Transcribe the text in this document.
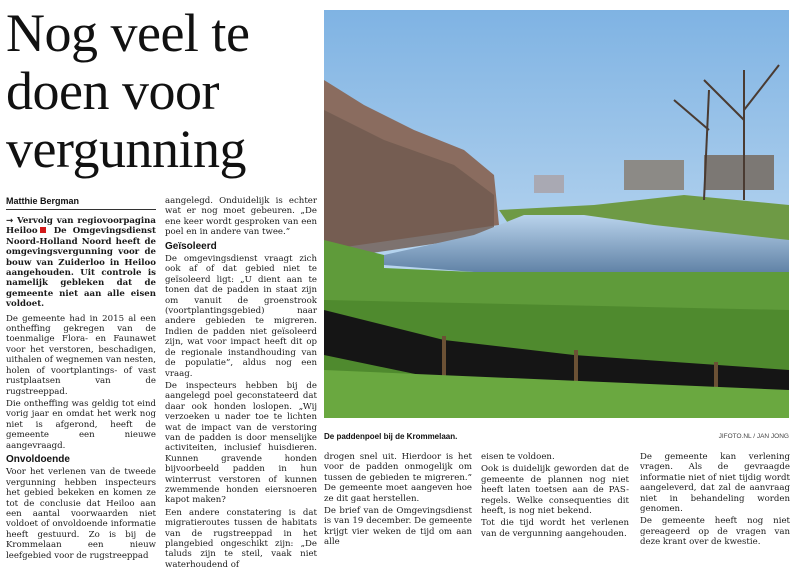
Nog veel te
doen voor
vergunning
Matthie Bergman

→ Vervolg van regiovoorpagina Heiloo De Omgevingsdienst Noord-Holland Noord heeft de omgevingsvergunning voor de bouw van Zuiderloo in Heiloo aangehouden. Uit controle is namelijk gebleken dat de gemeente niet aan alle eisen voldoet.

De gemeente had in 2015 al een ontheffing gekregen van de toenmalige Flora- en Faunawet voor het verstoren, beschadigen, uithalen of wegnemen van nesten, holen of voortplantings- of vast rustplaatsen van de rugstreeppad.

Die ontheffing was geldig tot eind vorig jaar en omdat het werk nog niet is afgerond, heeft de gemeente een nieuwe aangevraagd.

Onvoldoende

Voor het verlenen van de tweede vergunning hebben inspecteurs het gebied bekeken en komen ze tot de conclusie dat Heiloo aan een aantal voorwaarden niet voldoet of onvoldoende informatie heeft gestuurd. Zo is bij de Krommelaan een nieuw leefgebied voor de rugstreeppad

aangelegd. Onduidelijk is echter wat er nog moet gebeuren. „De ene keer wordt gesproken van een poel en in andere van twee.”

Geïsoleerd

De omgevingsdienst vraagt zich ook af of dat gebied niet te geïsoleerd ligt: „U dient aan te tonen dat de padden in staat zijn om vanuit de groenstrook (voortplantingsgebied) naar andere gebieden te migreren. Indien de padden niet geïsoleerd zijn, wat voor impact heeft dit op de regionale instandhouding van de populatie”, aldus nog een vraag.

De inspecteurs hebben bij de aangelegd poel geconstateerd dat daar ook honden loslopen. „Wij verzoeken u nader toe te lichten wat de impact van de verstoring van de padden is door menselijke activiteiten, inclusief huisdieren. Kunnen gravende honden bijvoorbeeld padden in hun winterrust verstoren of kunnen zwemmende honden eiersnoeren kapot maken?

Een andere constatering is dat migratieroutes tussen de habitats van de rugstreeppad in het plangebied ongeschikt zijn: „De taluds zijn te steil, vaak niet waterhoudend of

De paddenpoel bij de Krommelaan.	JIFOTO.NL / JAN JONG

drogen snel uit. Hierdoor is het voor de padden onmogelijk om tussen de gebieden te migreren.” De gemeente moet aangeven hoe ze dit gaat herstellen.

De brief van de Omgevingsdienst is van 19 december. De gemeente krijgt vier weken de tijd om aan alle

eisen te voldoen.

Ook is duidelijk geworden dat de gemeente de plannen nog niet heeft laten toetsen aan de PAS-regels. Welke consequenties dit heeft, is nog niet bekend.

Tot die tijd wordt het verlenen van de vergunning aangehouden.

De gemeente kan verlening vragen. Als de gevraagde informatie niet of niet tijdig wordt aangeleverd, dat zal de aanvraag niet in behandeling worden genomen.

De gemeente heeft nog niet gereageerd op de vragen van deze krant over de kwestie.
